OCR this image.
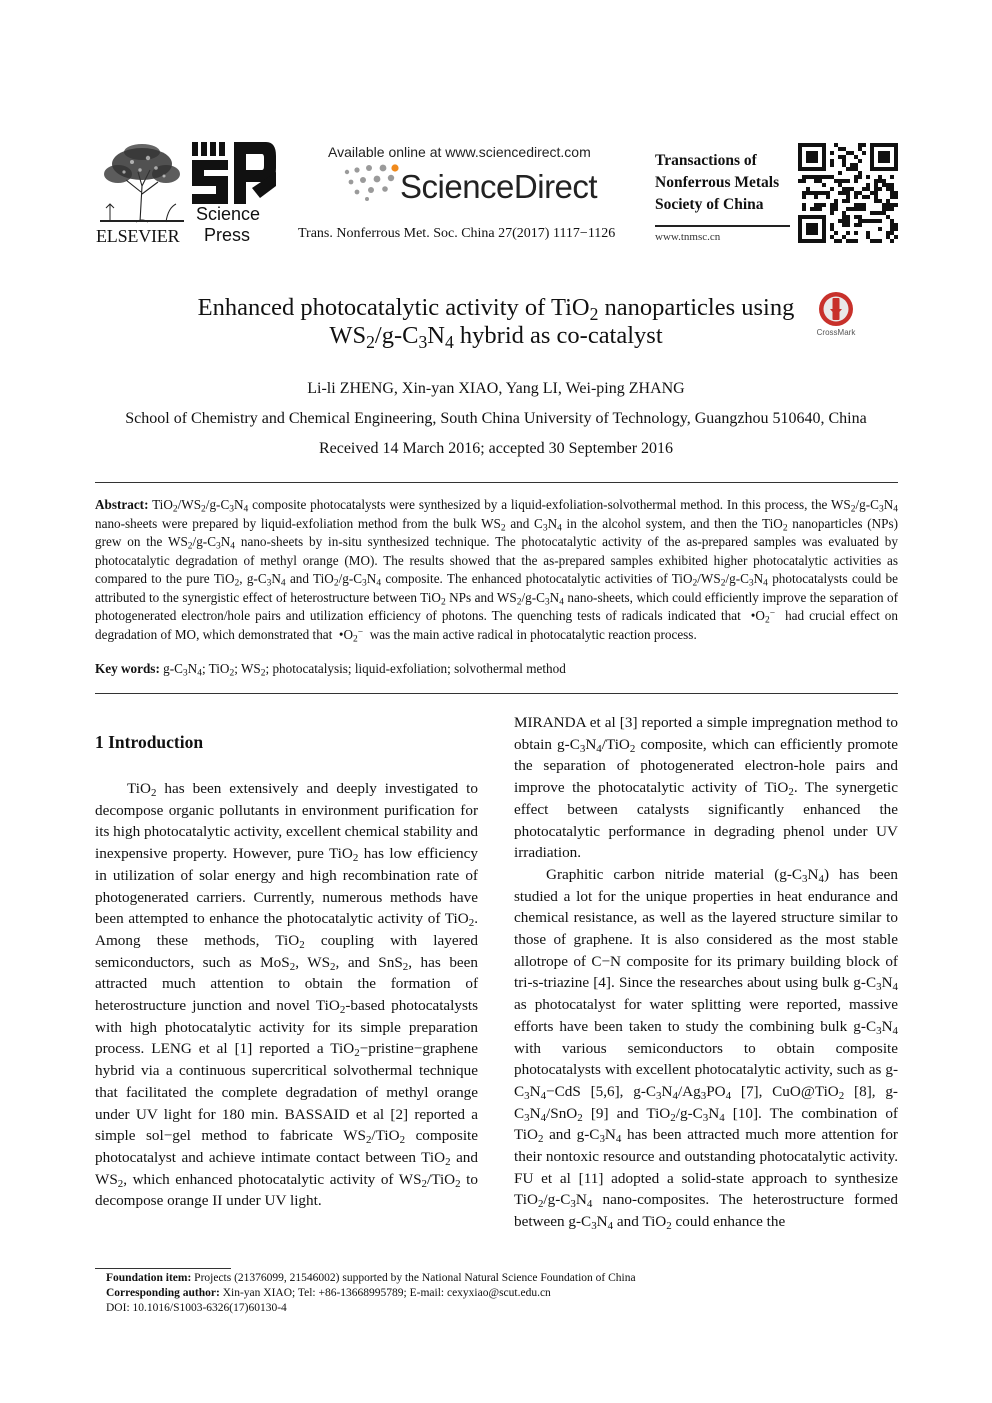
ELSEVIER
Science
Press
Available online at www.sciencedirect.com
ScienceDirect
Trans. Nonferrous Met. Soc. China 27(2017) 1117−1126
Transactions of
Nonferrous Metals
Society of China
www.tnmsc.cn
Enhanced photocatalytic activity of TiO$_2$ nanoparticles using
$WS_2/g-C_3N_4$ hybrid as co-catalyst	CrossMark
Li-li ZHENG, Xin-yan XIAO, Yang LI, Wei-ping ZHANG
School of Chemistry and Chemical Engineering, South China University of Technology, Guangzhou 510640, China
Received 14 March 2016; accepted 30 September 2016

Abstract: $TiO_2/WS_2/g-C_3N_4$ composite photocatalysts were synthesized by a liquid-exfoliation-solvothermal method. In this process, the $WS_2/g-C_3N_4$ nano-sheets were prepared by liquid-exfoliation method from the bulk $WS_2$ and $C_3N_4$ in the alcohol system, and then the TiO$_2$ nanoparticles (NPs) grew on the $WS_2/g-C_3N_4$ nano-sheets by in-situ synthesized technique. The photocatalytic activity of the as-prepared samples was evaluated by photocatalytic degradation of methyl orange (MO). The results showed that the as-prepared samples exhibited higher photocatalytic activities as compared to the pure TiO$_2$, $g-C_3N_4$ and $TiO_2/g-C_3N_4$ composite. The enhanced photocatalytic activities of $TiO_2/WS_2/g-C_3N_4$ photocatalysts could be attributed to the synergistic effect of heterostructure between TiO$_2$ NPs and $WS_2/g-C_3N_4$ nano-sheets, which could efficiently improve the separation of photogenerated electron/hole pairs and utilization efficiency of photons. The quenching tests of radicals indicated that  $•O_2^-$  had crucial effect on degradation of MO, which demonstrated that  $•O_2^-$  was the main active radical in photocatalytic reaction process.

Key words: $g-C_3N_4$; TiO$_2$; $WS_2$; photocatalysis; liquid-exfoliation; solvothermal method
1 Introduction

TiO$_2$ has been extensively and deeply investigated to decompose organic pollutants in environment purification for its high photocatalytic activity, excellent chemical stability and inexpensive property. However, pure TiO$_2$ has low efficiency in utilization of solar energy and high recombination rate of photogenerated carriers. Currently, numerous methods have been attempted to enhance the photocatalytic activity of TiO$_2$. Among these methods, TiO$_2$ coupling with layered semiconductors, such as MoS$_2$, $WS_2$, and SnS$_2$, has been attracted much attention to obtain the formation of heterostructure junction and novel TiO$_2$-based photocatalysts with high photocatalytic activity for its simple preparation process. LENG et al [1] reported a TiO$_2$−pristine−graphene hybrid via a continuous supercritical solvothermal technique that facilitated the complete degradation of methyl orange under UV light for 180 min. BASSAID et al [2] reported a simple sol−gel method to fabricate $WS_2/TiO_2$ composite photocatalyst and achieve intimate contact between TiO$_2$ and $WS_2$, which enhanced photocatalytic activity of $WS_2/TiO_2$ to decompose orange II under UV light.

MIRANDA et al [3] reported a simple impregnation method to obtain $g-C_3N_4/TiO_2$ composite, which can efficiently promote the separation of photogenerated electron-hole pairs and improve the photocatalytic activity of TiO$_2$. The synergetic effect between catalysts significantly enhanced the photocatalytic performance in degrading phenol under UV irradiation.

Graphitic carbon nitride material $(g-C_3N_4)$ has been studied a lot for the unique properties in heat endurance and chemical resistance, as well as the layered structure similar to those of graphene. It is also considered as the most stable allotrope of C−N composite for its primary building block of tri-s-triazine [4]. Since the researches about using bulk $g-C_3N_4$ as photocatalyst for water splitting were reported, massive efforts have been taken to study the combining bulk $g-C_3N_4$ with various semiconductors to obtain composite photocatalysts with excellent photocatalytic activity, such as $g-C_3N_4-CdS$ [5,6], $g-C_3N_4/Ag_3PO_4$ [7], CuO@TiO$_2$ [8], $g-C_3N_4/SnO_2$ [9] and $TiO_2/g-C_3N_4$ [10]. The combination of TiO$_2$ and $g-C_3N_4$ has been attracted much more attention for their nontoxic resource and outstanding photocatalytic activity. FU et al [11] adopted a solid-state approach to synthesize $TiO_2/g-C_3N_4$ nano-composites. The heterostructure formed between $g-C_3N_4$ and TiO$_2$ could enhance the

Foundation item: Projects (21376099, 21546002) supported by the National Natural Science Foundation of China
Corresponding author: Xin-yan XIAO; Tel: +86-13668995789; E-mail: cexyxiao@scut.edu.cn
DOI: 10.1016/S1003-6326(17)60130-4
